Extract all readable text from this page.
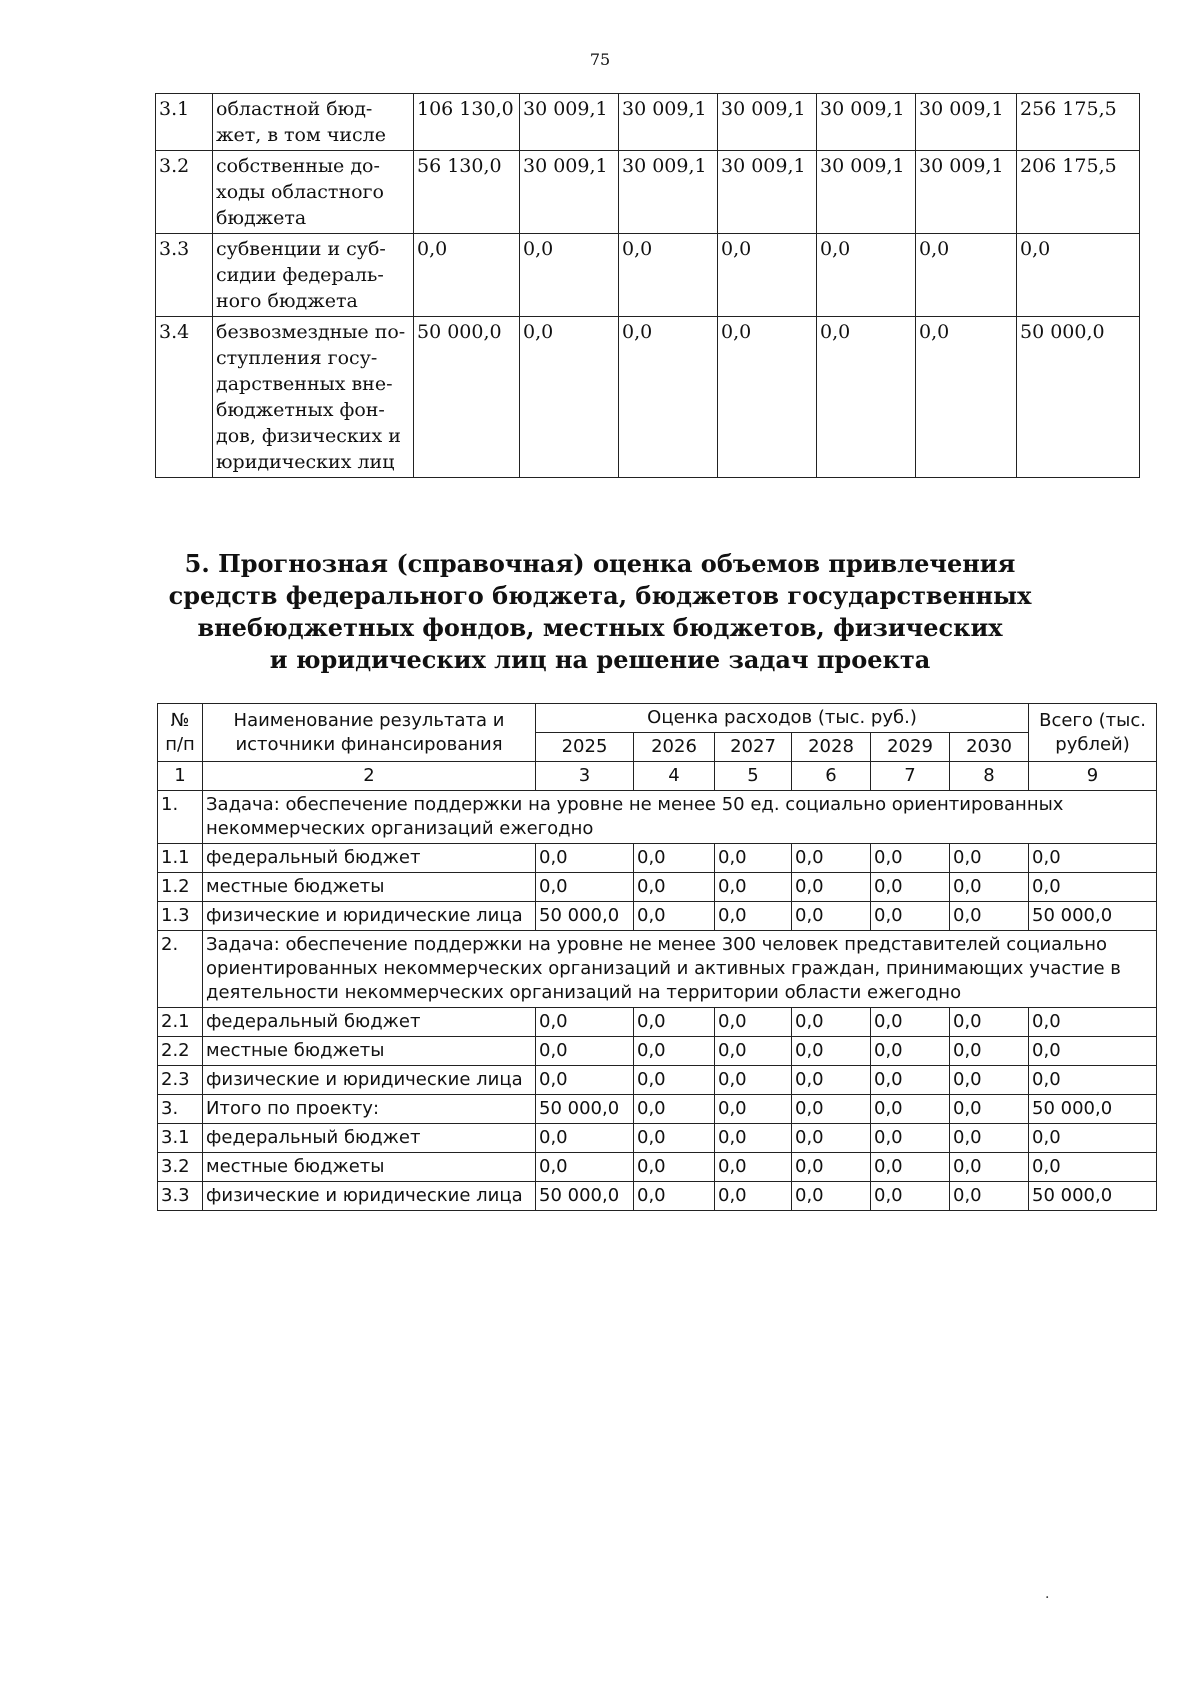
75
3.1	областной бюд-жет, в том числе	106 130,0	30 009,1	30 009,1	30 009,1	30 009,1	30 009,1	256 175,5
3.2	собственные до-ходы областного бюджета	56 130,0	30 009,1	30 009,1	30 009,1	30 009,1	30 009,1	206 175,5
3.3	субвенции и суб-сидии федераль-ного бюджета	0,0	0,0	0,0	0,0	0,0	0,0	0,0
3.4	безвозмездные по-ступления госу-дарственных вне-бюджетных фон-дов, физических и юридических лиц	50 000,0	0,0	0,0	0,0	0,0	0,0	50 000,0
5. Прогнозная (справочная) оценка объемов привлечения
средств федерального бюджета, бюджетов государственных
внебюджетных фондов, местных бюджетов, физических
и юридических лиц на решение задач проекта
№ п/п	Наименование результата и источники финансирования	Оценка расходов (тыс. руб.)						Всего (тыс. рублей)
		2025	2026	2027	2028	2029	2030	
1	2	3	4	5	6	7	8	9
1.	Задача: обеспечение поддержки на уровне не менее 50 ед. социально ориентированных некоммерческих организаций ежегодно							
1.1	федеральный бюджет	0,0	0,0	0,0	0,0	0,0	0,0	0,0
1.2	местные бюджеты	0,0	0,0	0,0	0,0	0,0	0,0	0,0
1.3	физические и юридические лица	50 000,0	0,0	0,0	0,0	0,0	0,0	50 000,0
2.	Задача: обеспечение поддержки на уровне не менее 300 человек представителей социально ориентированных некоммерческих организаций и активных граждан, принимающих участие в деятельности некоммерческих организаций на территории области ежегодно							
2.1	федеральный бюджет	0,0	0,0	0,0	0,0	0,0	0,0	0,0
2.2	местные бюджеты	0,0	0,0	0,0	0,0	0,0	0,0	0,0
2.3	физические и юридические лица	0,0	0,0	0,0	0,0	0,0	0,0	0,0
3.	Итого по проекту:	50 000,0	0,0	0,0	0,0	0,0	0,0	50 000,0
3.1	федеральный бюджет	0,0	0,0	0,0	0,0	0,0	0,0	0,0
3.2	местные бюджеты	0,0	0,0	0,0	0,0	0,0	0,0	0,0
3.3	физические и юридические лица	50 000,0	0,0	0,0	0,0	0,0	0,0	50 000,0
·
